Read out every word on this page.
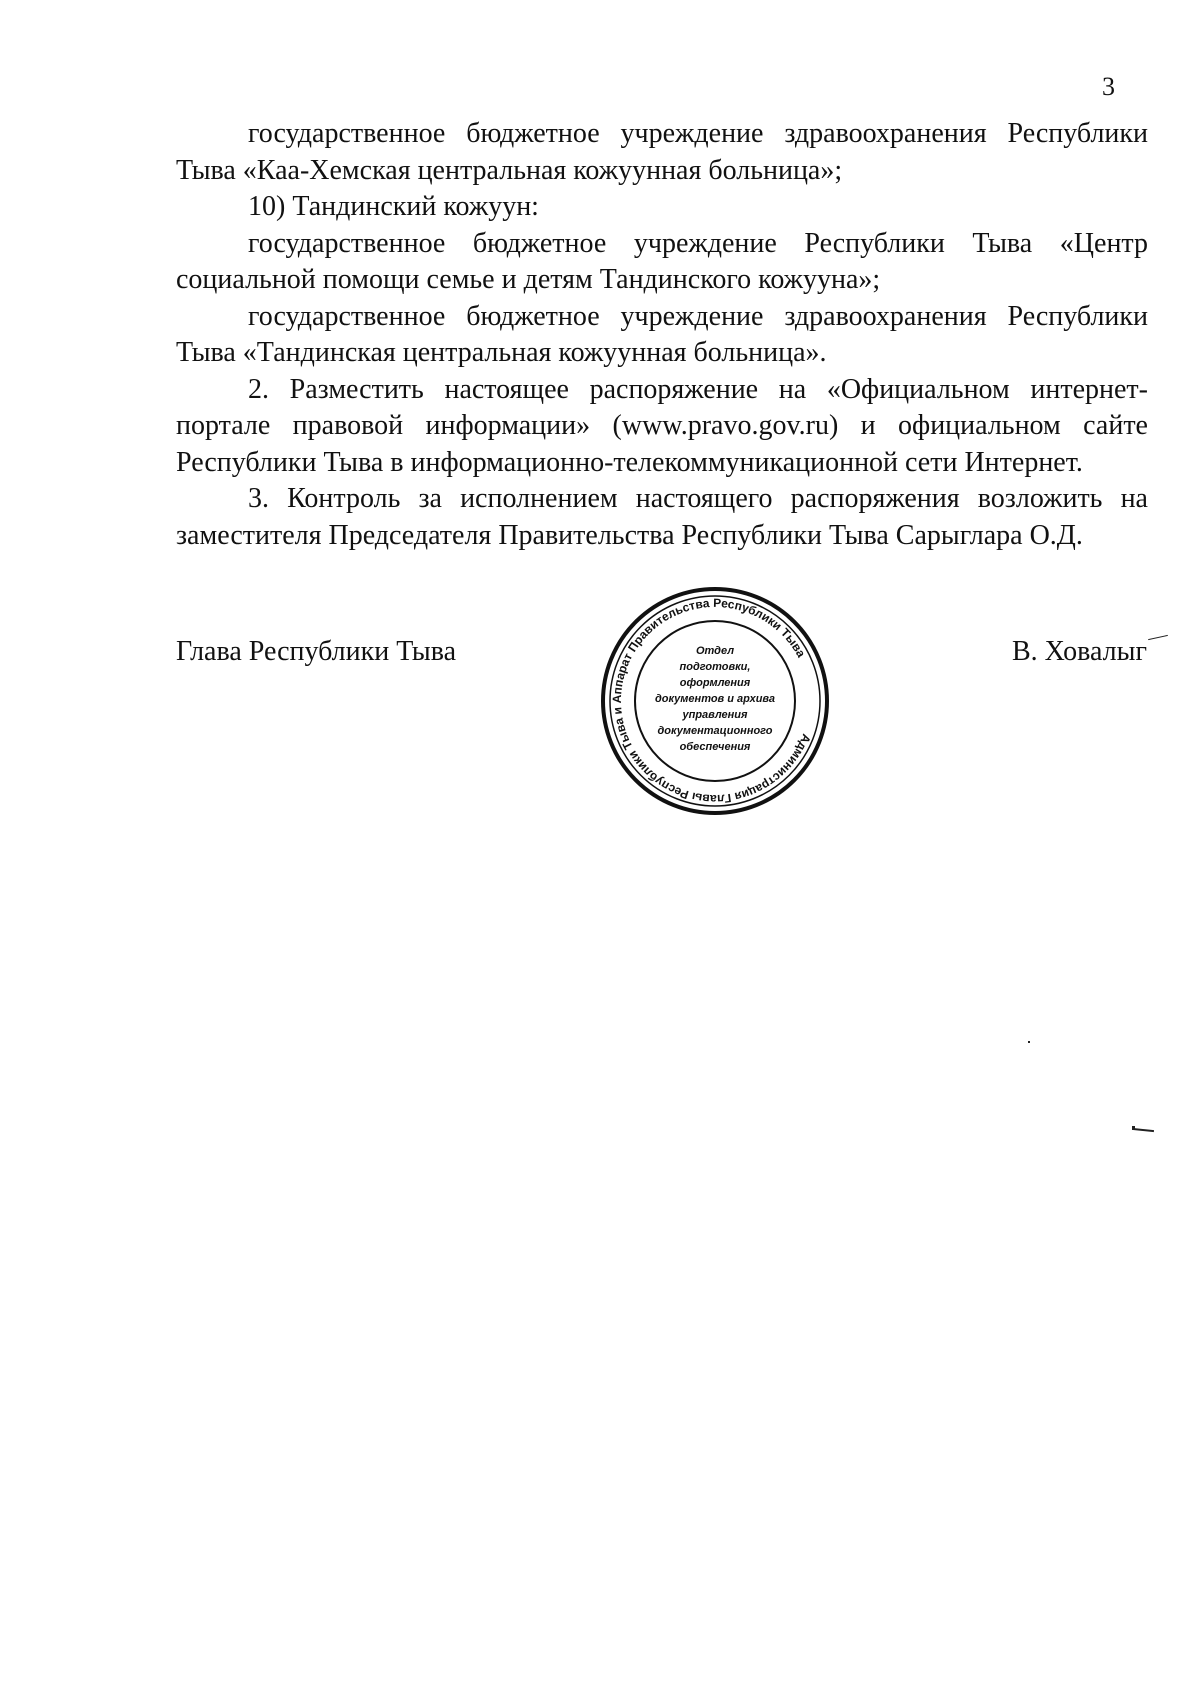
3

государственное бюджетное учреждение здравоохранения Республики Тыва «Каа-Хемская центральная кожуунная больница»;

10) Тандинский кожуун:

государственное бюджетное учреждение Республики Тыва «Центр социальной помощи семье и детям Тандинского кожууна»;

государственное бюджетное учреждение здравоохранения Республики Тыва «Тандинская центральная кожуунная больница».

2. Разместить настоящее распоряжение на «Официальном интернет-портале правовой информации» (www.pravo.gov.ru) и официальном сайте Республики Тыва в информационно-телекоммуникационной сети Интернет.

3. Контроль за исполнением настоящего распоряжения возложить на заместителя Председателя Правительства Республики Тыва Сарыглара О.Д.

Глава Республики Тыва	В. Ховалыг
Администрация Главы Республики Тыва и Аппарат Правительства Республики Тыва
Отдел
подготовки,
оформления
документов и архива
управления
документационного
обеспечения
